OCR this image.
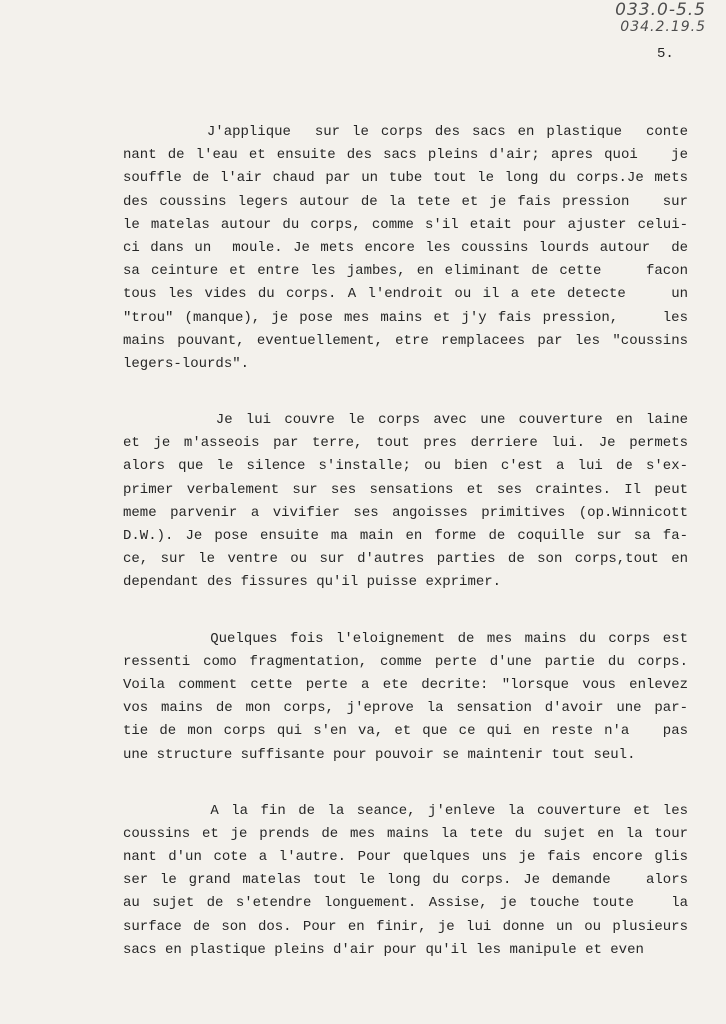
033.0-5.5
034.2.19.5
5.
J'applique  sur le corps des sacs en plastique  conte
nant de l'eau et ensuite des sacs pleins d'air; apres quoi   je
souffle de l'air chaud par un tube tout le long du corps.Je mets
des coussins legers autour de la tete et je fais pression   sur
le matelas autour du corps, comme s'il etait pour ajuster celui-
ci dans un  moule. Je mets encore les coussins lourds autour  de
sa ceinture et entre les jambes, en eliminant de cette    facon
tous les vides du corps. A l'endroit ou il a ete detecte    un
"trou" (manque), je pose mes mains et j'y fais pression,    les
mains pouvant, eventuellement, etre remplacees par les "coussins
legers-lourds".
Je lui couvre le corps avec une couverture en laine
et je m'asseois par terre, tout pres derriere lui. Je permets
alors que le silence s'installe; ou bien c'est a lui de s'ex-
primer verbalement sur ses sensations et ses craintes. Il peut
meme parvenir a vivifier ses angoisses primitives (op.Winnicott
D.W.). Je pose ensuite ma main en forme de coquille sur sa fa-
ce, sur le ventre ou sur d'autres parties de son corps,tout en
dependant des fissures qu'il puisse exprimer.
Quelques fois l'eloignement de mes mains du corps est
ressenti como fragmentation, comme perte d'une partie du corps.
Voila comment cette perte a ete decrite: "lorsque vous enlevez
vos mains de mon corps, j'eprove la sensation d'avoir une par-
tie de mon corps qui s'en va, et que ce qui en reste n'a   pas
une structure suffisante pour pouvoir se maintenir tout seul.
A la fin de la seance, j'enleve la couverture et les
coussins et je prends de mes mains la tete du sujet en la tour
nant d'un cote a l'autre. Pour quelques uns je fais encore glis
ser le grand matelas tout le long du corps. Je demande   alors
au sujet de s'etendre longuement. Assise, je touche toute   la
surface de son dos. Pour en finir, je lui donne un ou plusieurs
sacs en plastique pleins d'air pour qu'il les manipule et even
